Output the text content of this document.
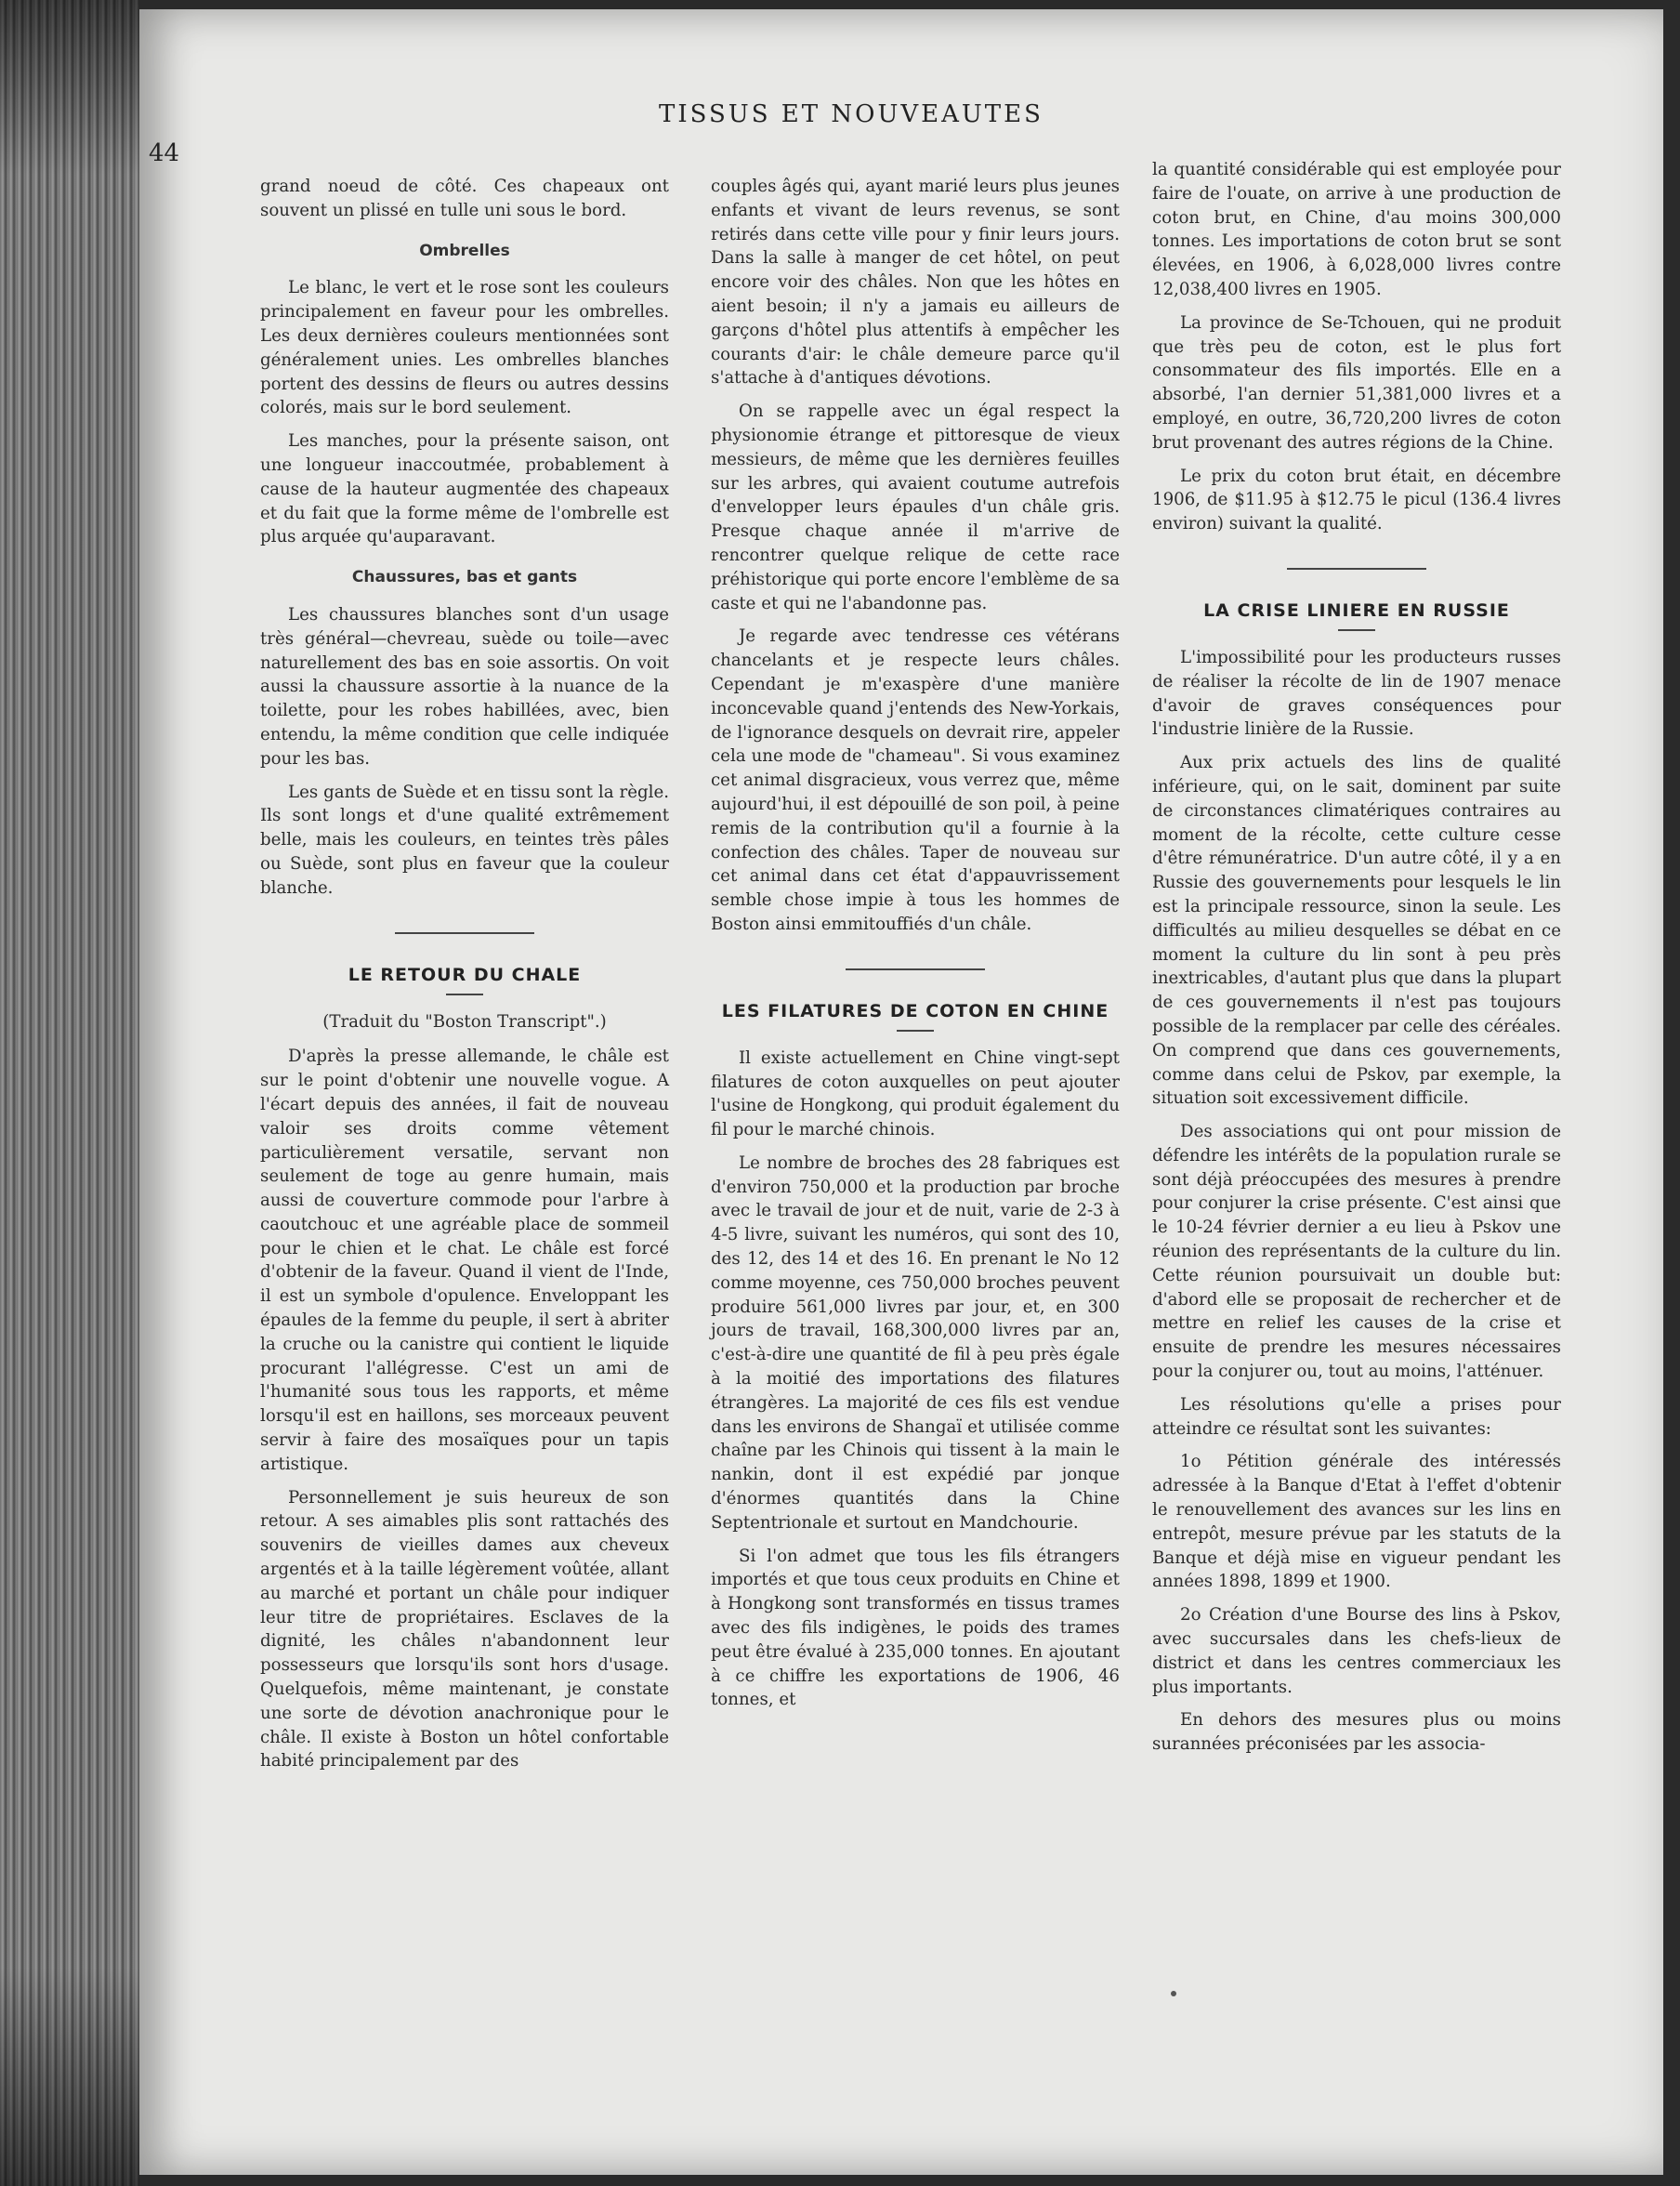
44
TISSUS ET NOUVEAUTES

grand noeud de côté. Ces chapeaux ont souvent un plissé en tulle uni sous le bord.

Ombrelles

Le blanc, le vert et le rose sont les couleurs principalement en faveur pour les ombrelles. Les deux dernières couleurs mentionnées sont généralement unies. Les ombrelles blanches portent des dessins de fleurs ou autres dessins colorés, mais sur le bord seulement.

Les manches, pour la présente saison, ont une longueur inaccoutmée, probablement à cause de la hauteur augmentée des chapeaux et du fait que la forme même de l'ombrelle est plus arquée qu'auparavant.

Chaussures, bas et gants

Les chaussures blanches sont d'un usage très général—chevreau, suède ou toile—avec naturellement des bas en soie assortis. On voit aussi la chaussure assortie à la nuance de la toilette, pour les robes habillées, avec, bien entendu, la même condition que celle indiquée pour les bas.

Les gants de Suède et en tissu sont la règle. Ils sont longs et d'une qualité extrêmement belle, mais les couleurs, en teintes très pâles ou Suède, sont plus en faveur que la couleur blanche.

LE RETOUR DU CHALE

(Traduit du "Boston Transcript".)

D'après la presse allemande, le châle est sur le point d'obtenir une nouvelle vogue. A l'écart depuis des années, il fait de nouveau valoir ses droits comme vêtement particulièrement versatile, servant non seulement de toge au genre humain, mais aussi de couverture commode pour l'arbre à caoutchouc et une agréable place de sommeil pour le chien et le chat. Le châle est forcé d'obtenir de la faveur. Quand il vient de l'Inde, il est un symbole d'opulence. Enveloppant les épaules de la femme du peuple, il sert à abriter la cruche ou la canistre qui contient le liquide procurant l'allégresse. C'est un ami de l'humanité sous tous les rapports, et même lorsqu'il est en haillons, ses morceaux peuvent servir à faire des mosaïques pour un tapis artistique.

Personnellement je suis heureux de son retour. A ses aimables plis sont rattachés des souvenirs de vieilles dames aux cheveux argentés et à la taille légèrement voûtée, allant au marché et portant un châle pour indiquer leur titre de propriétaires. Esclaves de la dignité, les châles n'abandonnent leur possesseurs que lorsqu'ils sont hors d'usage. Quelquefois, même maintenant, je constate une sorte de dévotion anachronique pour le châle. Il existe à Boston un hôtel confortable habité principalement par des

couples âgés qui, ayant marié leurs plus jeunes enfants et vivant de leurs revenus, se sont retirés dans cette ville pour y finir leurs jours. Dans la salle à manger de cet hôtel, on peut encore voir des châles. Non que les hôtes en aient besoin; il n'y a jamais eu ailleurs de garçons d'hôtel plus attentifs à empêcher les courants d'air: le châle demeure parce qu'il s'attache à d'antiques dévotions.

On se rappelle avec un égal respect la physionomie étrange et pittoresque de vieux messieurs, de même que les dernières feuilles sur les arbres, qui avaient coutume autrefois d'envelopper leurs épaules d'un châle gris. Presque chaque année il m'arrive de rencontrer quelque relique de cette race préhistorique qui porte encore l'emblème de sa caste et qui ne l'abandonne pas.

Je regarde avec tendresse ces vétérans chancelants et je respecte leurs châles. Cependant je m'exaspère d'une manière inconcevable quand j'entends des New-Yorkais, de l'ignorance desquels on devrait rire, appeler cela une mode de "chameau". Si vous examinez cet animal disgracieux, vous verrez que, même aujourd'hui, il est dépouillé de son poil, à peine remis de la contribution qu'il a fournie à la confection des châles. Taper de nouveau sur cet animal dans cet état d'appauvrissement semble chose impie à tous les hommes de Boston ainsi emmitouffiés d'un châle.

LES FILATURES DE COTON EN CHINE

Il existe actuellement en Chine vingt-sept filatures de coton auxquelles on peut ajouter l'usine de Hongkong, qui produit également du fil pour le marché chinois.

Le nombre de broches des 28 fabriques est d'environ 750,000 et la production par broche avec le travail de jour et de nuit, varie de 2-3 à 4-5 livre, suivant les numéros, qui sont des 10, des 12, des 14 et des 16. En prenant le No 12 comme moyenne, ces 750,000 broches peuvent produire 561,000 livres par jour, et, en 300 jours de travail, 168,300,000 livres par an, c'est-à-dire une quantité de fil à peu près égale à la moitié des importations des filatures étrangères. La majorité de ces fils est vendue dans les environs de Shangaï et utilisée comme chaîne par les Chinois qui tissent à la main le nankin, dont il est expédié par jonque d'énormes quantités dans la Chine Septentrionale et surtout en Mandchourie.

Si l'on admet que tous les fils étrangers importés et que tous ceux produits en Chine et à Hongkong sont transformés en tissus trames avec des fils indigènes, le poids des trames peut être évalué à 235,000 tonnes. En ajoutant à ce chiffre les exportations de 1906, 46 tonnes, et

la quantité considérable qui est employée pour faire de l'ouate, on arrive à une production de coton brut, en Chine, d'au moins 300,000 tonnes. Les importations de coton brut se sont élevées, en 1906, à 6,028,000 livres contre 12,038,400 livres en 1905.

La province de Se-Tchouen, qui ne produit que très peu de coton, est le plus fort consommateur des fils importés. Elle en a absorbé, l'an dernier 51,381,000 livres et a employé, en outre, 36,720,200 livres de coton brut provenant des autres régions de la Chine.

Le prix du coton brut était, en décembre 1906, de $11.95 à $12.75 le picul (136.4 livres environ) suivant la qualité.

LA CRISE LINIERE EN RUSSIE

L'impossibilité pour les producteurs russes de réaliser la récolte de lin de 1907 menace d'avoir de graves conséquences pour l'industrie linière de la Russie.

Aux prix actuels des lins de qualité inférieure, qui, on le sait, dominent par suite de circonstances climatériques contraires au moment de la récolte, cette culture cesse d'être rémunératrice. D'un autre côté, il y a en Russie des gouvernements pour lesquels le lin est la principale ressource, sinon la seule. Les difficultés au milieu desquelles se débat en ce moment la culture du lin sont à peu près inextricables, d'autant plus que dans la plupart de ces gouvernements il n'est pas toujours possible de la remplacer par celle des céréales. On comprend que dans ces gouvernements, comme dans celui de Pskov, par exemple, la situation soit excessivement difficile.

Des associations qui ont pour mission de défendre les intérêts de la population rurale se sont déjà préoccupées des mesures à prendre pour conjurer la crise présente. C'est ainsi que le 10-24 février dernier a eu lieu à Pskov une réunion des représentants de la culture du lin. Cette réunion poursuivait un double but: d'abord elle se proposait de rechercher et de mettre en relief les causes de la crise et ensuite de prendre les mesures nécessaires pour la conjurer ou, tout au moins, l'atténuer.

Les résolutions qu'elle a prises pour atteindre ce résultat sont les suivantes:

1o Pétition générale des intéressés adressée à la Banque d'Etat à l'effet d'obtenir le renouvellement des avances sur les lins en entrepôt, mesure prévue par les statuts de la Banque et déjà mise en vigueur pendant les années 1898, 1899 et 1900.

2o Création d'une Bourse des lins à Pskov, avec succursales dans les chefs-lieux de district et dans les centres commerciaux les plus importants.

En dehors des mesures plus ou moins surannées préconisées par les associa-
